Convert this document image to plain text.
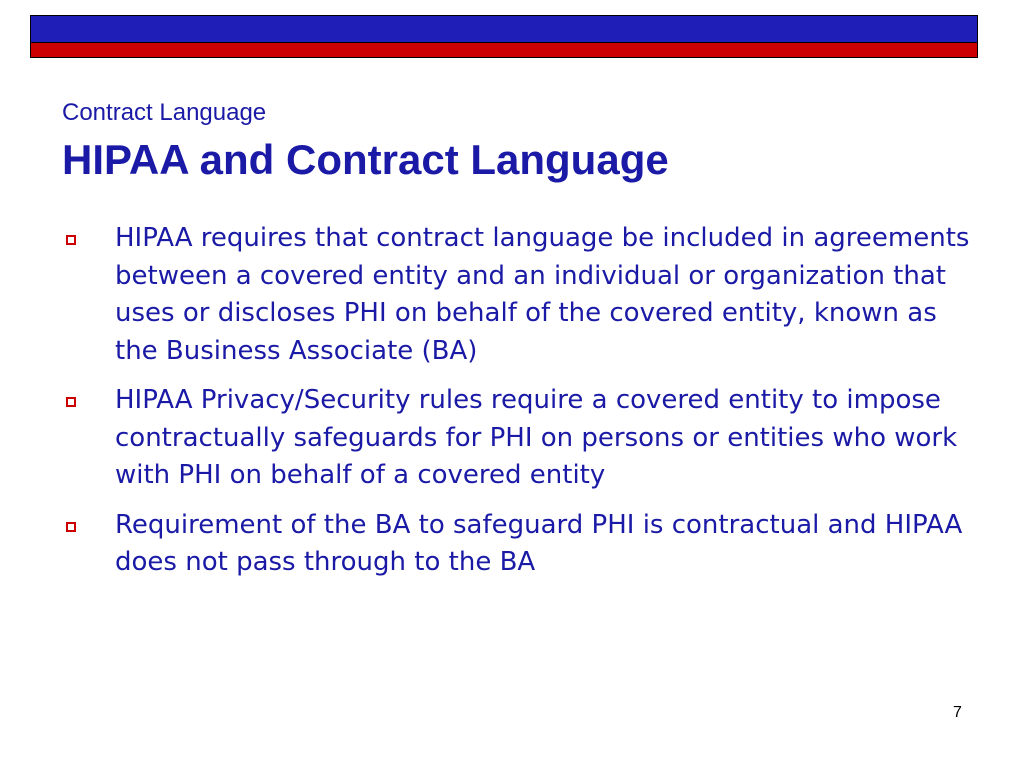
Contract Language
HIPAA and Contract Language
HIPAA requires that contract language be included in agreements between a covered entity and an individual or organization that uses or discloses PHI on behalf of the covered entity, known as the Business Associate (BA)
HIPAA Privacy/Security rules require a covered entity to impose contractually safeguards for PHI on persons or entities who work with PHI on behalf of a covered entity
Requirement of the BA to safeguard PHI is contractual and HIPAA does not pass through to the BA
7
